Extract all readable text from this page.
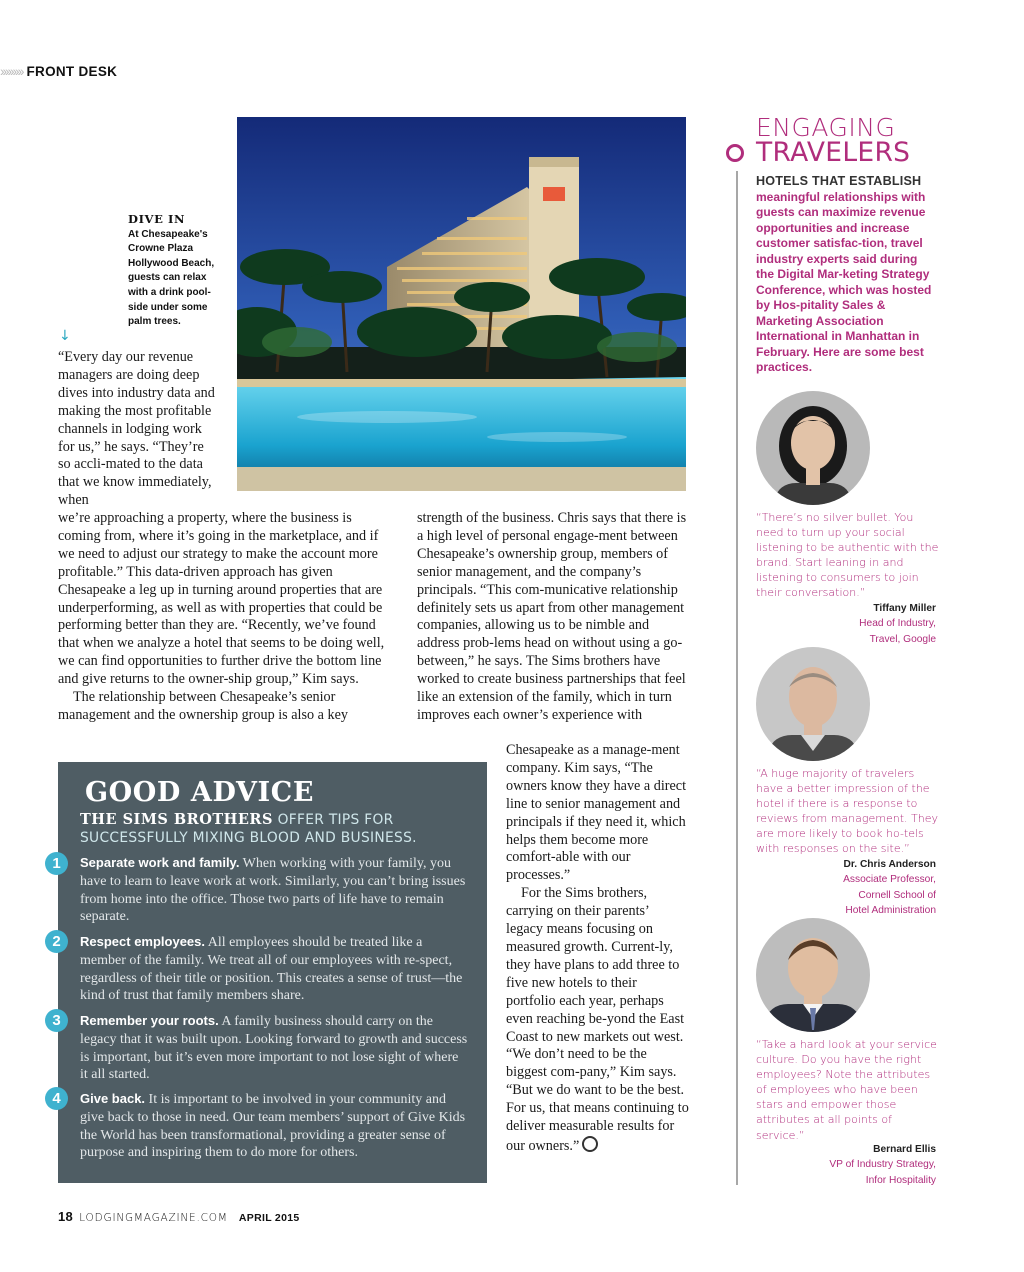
››››››››› FRONT DESK
DIVE IN
At Chesapeake's Crowne Plaza Hollywood Beach, guests can relax with a drink pool-side under some palm trees.
↓

“Every day our revenue managers are doing deep dives into industry data and making the most profitable channels in lodging work for us,” he says. “They’re so accli-mated to the data that we know immediately, when

we’re approaching a property, where the business is coming from, where it’s going in the marketplace, and if we need to adjust our strategy to make the account more profitable.” This data-driven approach has given Chesapeake a leg up in turning around properties that are underperforming, as well as with properties that could be performing better than they are. “Recently, we’ve found that when we analyze a hotel that seems to be doing well, we can find opportunities to further drive the bottom line and give returns to the owner-ship group,” Kim says.

The relationship between Chesapeake’s senior management and the ownership group is also a key

strength of the business. Chris says that there is a high level of personal engage-ment between Chesapeake’s ownership group, members of senior management, and the company’s principals. “This com-municative relationship definitely sets us apart from other management companies, allowing us to be nimble and address prob-lems head on without using a go-between,” he says. The Sims brothers have worked to create business partnerships that feel like an extension of the family, which in turn improves each owner’s experience with

Chesapeake as a manage-ment company. Kim says, “The owners know they have a direct line to senior management and principals if they need it, which helps them become more comfort-able with our processes.”

For the Sims brothers, carrying on their parents’ legacy means focusing on measured growth. Current-ly, they have plans to add three to five new hotels to their portfolio each year, perhaps even reaching be-yond the East Coast to new markets out west. “We don’t need to be the biggest com-pany,” Kim says. “But we do want to be the best. For us, that means continuing to deliver measurable results for our owners.”

GOOD ADVICE
THE SIMS BROTHERS OFFER TIPS FOR SUCCESSFULLY MIXING BLOOD AND BUSINESS.
1	Separate work and family. When working with your family, you have to learn to leave work at work. Similarly, you can’t bring issues from home into the office. Those two parts of life have to remain separate.
2	Respect employees. All employees should be treated like a member of the family. We treat all of our employees with re-spect, regardless of their title or position. This creates a sense of trust—the kind of trust that family members share.
3	Remember your roots. A family business should carry on the legacy that it was built upon. Looking forward to growth and success is important, but it’s even more important to not lose sight of where it all started.
4	Give back. It is important to be involved in your community and give back to those in need. Our team members’ support of Give Kids the World has been transformational, providing a greater sense of purpose and inspiring them to do more for others.
ENGAGING
TRAVELERS
HOTELS THAT ESTABLISH
meaningful relationships with guests can maximize revenue opportunities and increase customer satisfac-tion, travel industry experts said during the Digital Mar-keting Strategy Conference, which was hosted by Hos-pitality Sales & Marketing Association International in Manhattan in February. Here are some best practices.
“There’s no silver bullet. You need to turn up your social listening to be authentic with the brand. Start leaning in and listening to consumers to join their conversation.”
Tiffany Miller
Head of Industry,
Travel, Google
“A huge majority of travelers have a better impression of the hotel if there is a response to reviews from management. They are more likely to book ho-tels with responses on the site.”
Dr. Chris Anderson
Associate Professor,
Cornell School of
Hotel Administration
“Take a hard look at your service culture. Do you have the right employees? Note the attributes of employees who have been stars and empower those attributes at all points of service.”
Bernard Ellis
VP of Industry Strategy,
Infor Hospitality
18 LODGINGMAGAZINE.COM APRIL 2015
